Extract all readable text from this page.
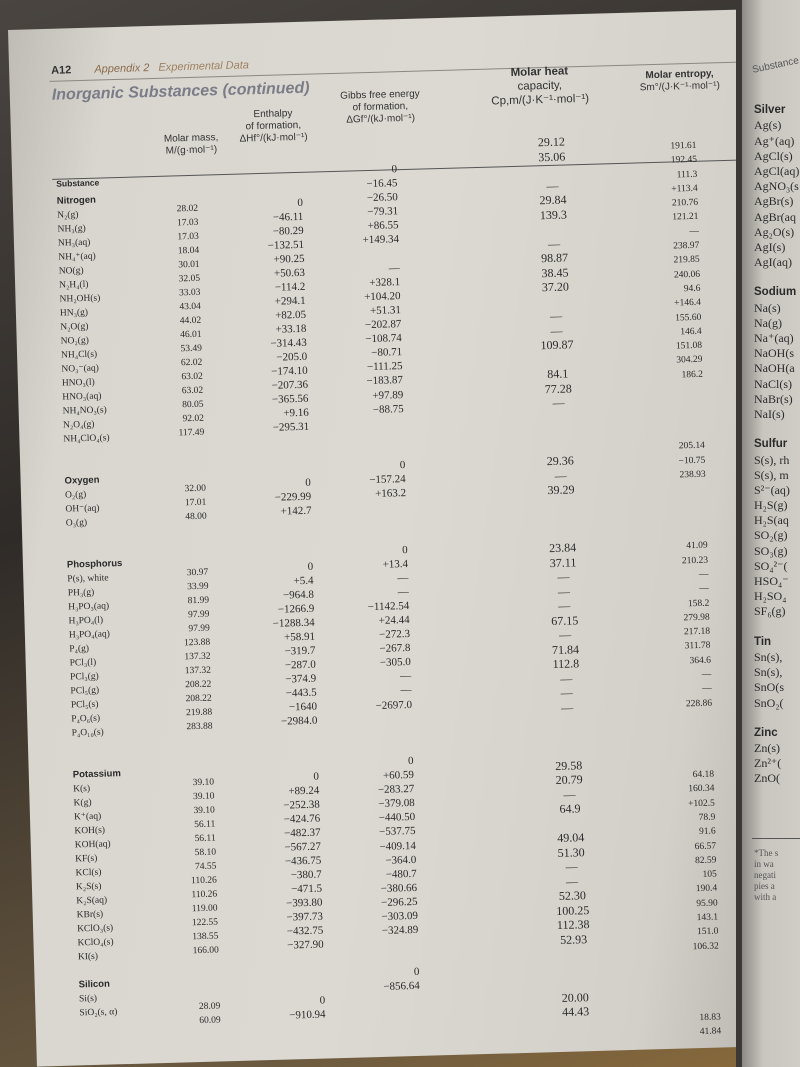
A12 Appendix 2 Experimental Data
Inorganic Substances (continued)
Molar mass,
M/(g·mol⁻¹)
Enthalpy
of formation,
ΔHf°/(kJ·mol⁻¹)
Gibbs free energy
of formation,
ΔGf°/(kJ·mol⁻¹)
Molar heat
capacity,
Cp,m/(J·K⁻¹·mol⁻¹)
Molar entropy,
Sm°/(J·K⁻¹·mol⁻¹)
Substance

Nitrogen
N₂(g)
NH₃(g)
NH₃(aq)
NH₄⁺(aq)
NO(g)
N₂H₄(l)
NH₂OH(s)
HN₃(g)
N₂O(g)
NO₂(g)
NH₄Cl(s)
NO₃⁻(aq)
HNO₃(l)
HNO₃(aq)
NH₄NO₃(s)
N₂O₄(g)
NH₄ClO₄(s)

Oxygen
O₂(g)
OH⁻(aq)
O₃(g)

Phosphorus
P(s), white
PH₃(g)
H₃PO₃(aq)
H₃PO₄(l)
H₃PO₄(aq)
P₄(g)
PCl₃(l)
PCl₃(g)
PCl₅(g)
PCl₅(s)
P₄O₆(s)
P₄O₁₀(s)

Potassium
K(s)
K(g)
K⁺(aq)
KOH(s)
KOH(aq)
KF(s)
KCl(s)
K₂S(s)
K₂S(aq)
KBr(s)
KClO₃(s)
KClO₄(s)
KI(s)

Silicon
Si(s)
SiO₂(s, α)

28.02
17.03
17.03
18.04
30.01
32.05
33.03
43.04
44.02
46.01
53.49
62.02
63.02
63.02
80.05
92.02
117.49

32.00
17.01
48.00

30.97
33.99
81.99
97.99
97.99
123.88
137.32
137.32
208.22
208.22
219.88
283.88

39.10
39.10
39.10
56.11
56.11
58.10
74.55
110.26
110.26
119.00
122.55
138.55
166.00

28.09
60.09

0
−46.11
−80.29
−132.51
+90.25
+50.63
−114.2
+294.1
+82.05
+33.18
−314.43
−205.0
−174.10
−207.36
−365.56
+9.16
−295.31

0
−229.99
+142.7

0
+5.4
−964.8
−1266.9
−1288.34
+58.91
−319.7
−287.0
−374.9
−443.5
−1640
−2984.0

0
+89.24
−252.38
−424.76
−482.37
−567.27
−436.75
−380.7
−471.5
−393.80
−397.73
−432.75
−327.90

0
−910.94
0
−16.45
−26.50
−79.31
+86.55
+149.34

—
+328.1
+104.20
+51.31
−202.87
−108.74
−80.71
−111.25
−183.87
+97.89
−88.75

0
−157.24
+163.2

0
+13.4
—
—
−1142.54
+24.44
−272.3
−267.8
−305.0
—
—
−2697.0

0
+60.59
−283.27
−379.08
−440.50
−537.75
−409.14
−364.0
−480.7
−380.66
−296.25
−303.09
−324.89

0
−856.64
29.12
35.06

—
29.84
139.3

—
98.87
38.45
37.20

—
—
109.87

84.1
77.28
—

29.36
—
39.29

23.84
37.11
—
—
—
67.15
—
71.84
112.8
—
—
—

29.58
20.79
—
64.9

49.04
51.30
—
—
52.30
100.25
112.38
52.93

20.00
44.43
191.61
192.45
111.3
+113.4
210.76
121.21
—
238.97
219.85
240.06
94.6
+146.4
155.60
146.4
151.08
304.29
186.2

205.14
−10.75
238.93

41.09
210.23
—
—
158.2
279.98
217.18
311.78
364.6
—
—
228.86

64.18
160.34
+102.5
78.9
91.6
66.57
82.59
105
190.4
95.90
143.1
151.0
106.32

18.83
41.84
Substance

Silver
Ag(s)
Ag⁺(aq)
AgCl(s)
AgCl(aq)
AgNO₃(s
AgBr(s)
AgBr(aq
Ag₂O(s)
AgI(s)
AgI(aq)

Sodium
Na(s)
Na(g)
Na⁺(aq)
NaOH(s
NaOH(a
NaCl(s)
NaBr(s)
NaI(s)

Sulfur
S(s), rh
S(s), m
S²⁻(aq)
H₂S(g)
H₂S(aq
SO₂(g)
SO₃(g)
SO₄²⁻(
HSO₄⁻
H₂SO₄
SF₆(g)

Tin
Sn(s),
Sn(s),
SnO(s
SnO₂(

Zinc
Zn(s)
Zn²⁺(
ZnO(
*The s
in wa
negati
pies a
with a
